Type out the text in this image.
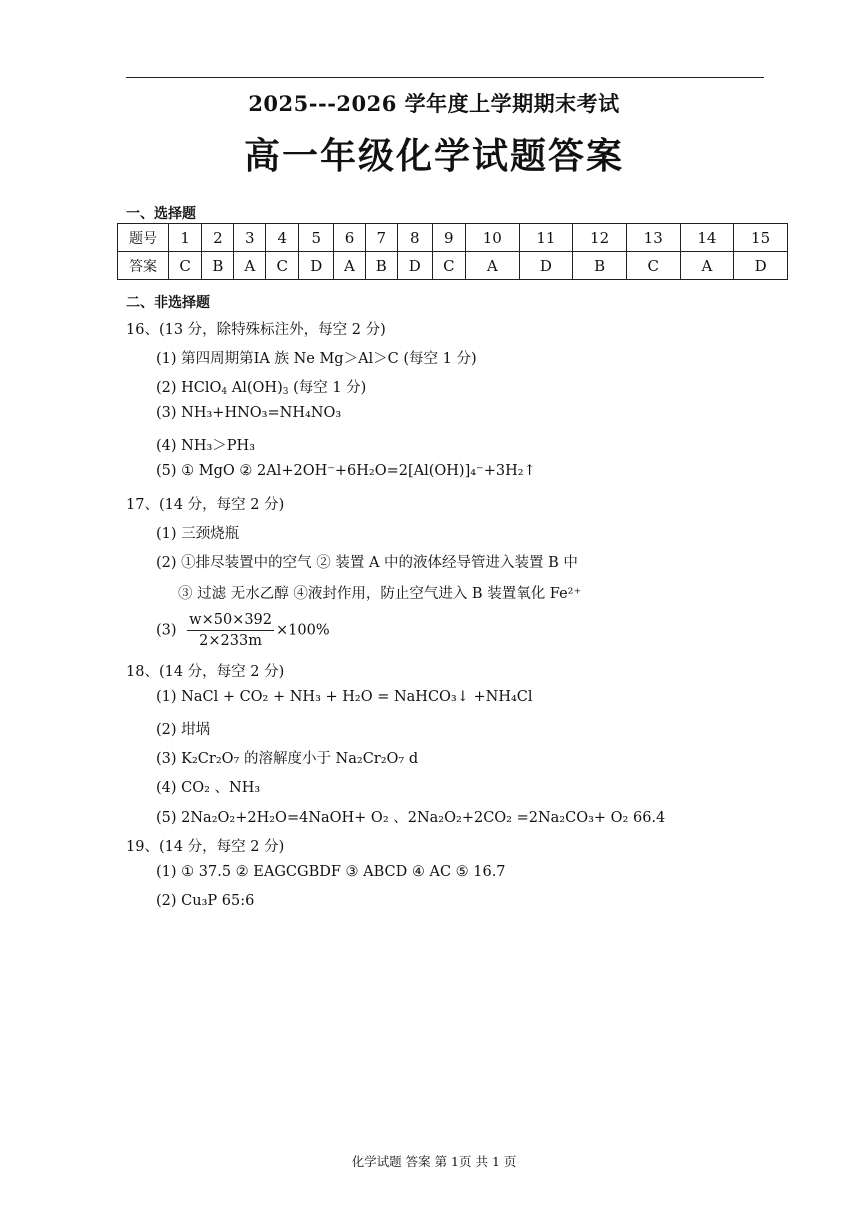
2025---2026 学年度上学期期末考试
高一年级化学试题答案
一、选择题
题号	1	2	3	4	5	6	7	8	9	10	11	12	13	14	15
答案	C	B	A	C	D	A	B	D	C	A	D	B	C	A	D
二、非选择题
16、(13 分，除特殊标注外，每空 2 分)
(1) 第四周期第ⅠA 族 Ne Mg＞Al＞C (每空 1 分)
(2) HClO$_4$ $Al(OH)_3$ (每空 1 分)
(3) NH₃+HNO₃=NH₄NO₃
(4) NH₃＞PH₃
(5) ① MgO ② 2Al+2OH⁻+6H₂O=2[Al(OH)]₄⁻+3H₂↑
17、(14 分，每空 2 分)
(1) 三颈烧瓶
(2) ①排尽装置中的空气 ② 装置 A 中的液体经导管进入装置 B 中
③ 过滤 无水乙醇 ④液封作用，防止空气进入 B 装置氧化 Fe²⁺
$(3) \frac{w\times 50\times 392}{2\times 233m} \times 100\%$
18、(14 分，每空 2 分)
(1) NaCl + CO₂ + NH₃ + H₂O = NaHCO₃↓ +NH₄Cl
(2) 坩埚
(3) K₂Cr₂O₇ 的溶解度小于 Na₂Cr₂O₇ d
(4) CO₂ 、NH₃
(5) 2Na₂O₂+2H₂O=4NaOH+ O₂ 、2Na₂O₂+2CO₂ =2Na₂CO₃+ O₂ 66.4
19、(14 分，每空 2 分)
(1) ① 37.5 ② EAGCGBDF ③ ABCD ④ AC ⑤ 16.7
(2) Cu₃P 65:6
化学试题 答案 第 1页 共 1 页
